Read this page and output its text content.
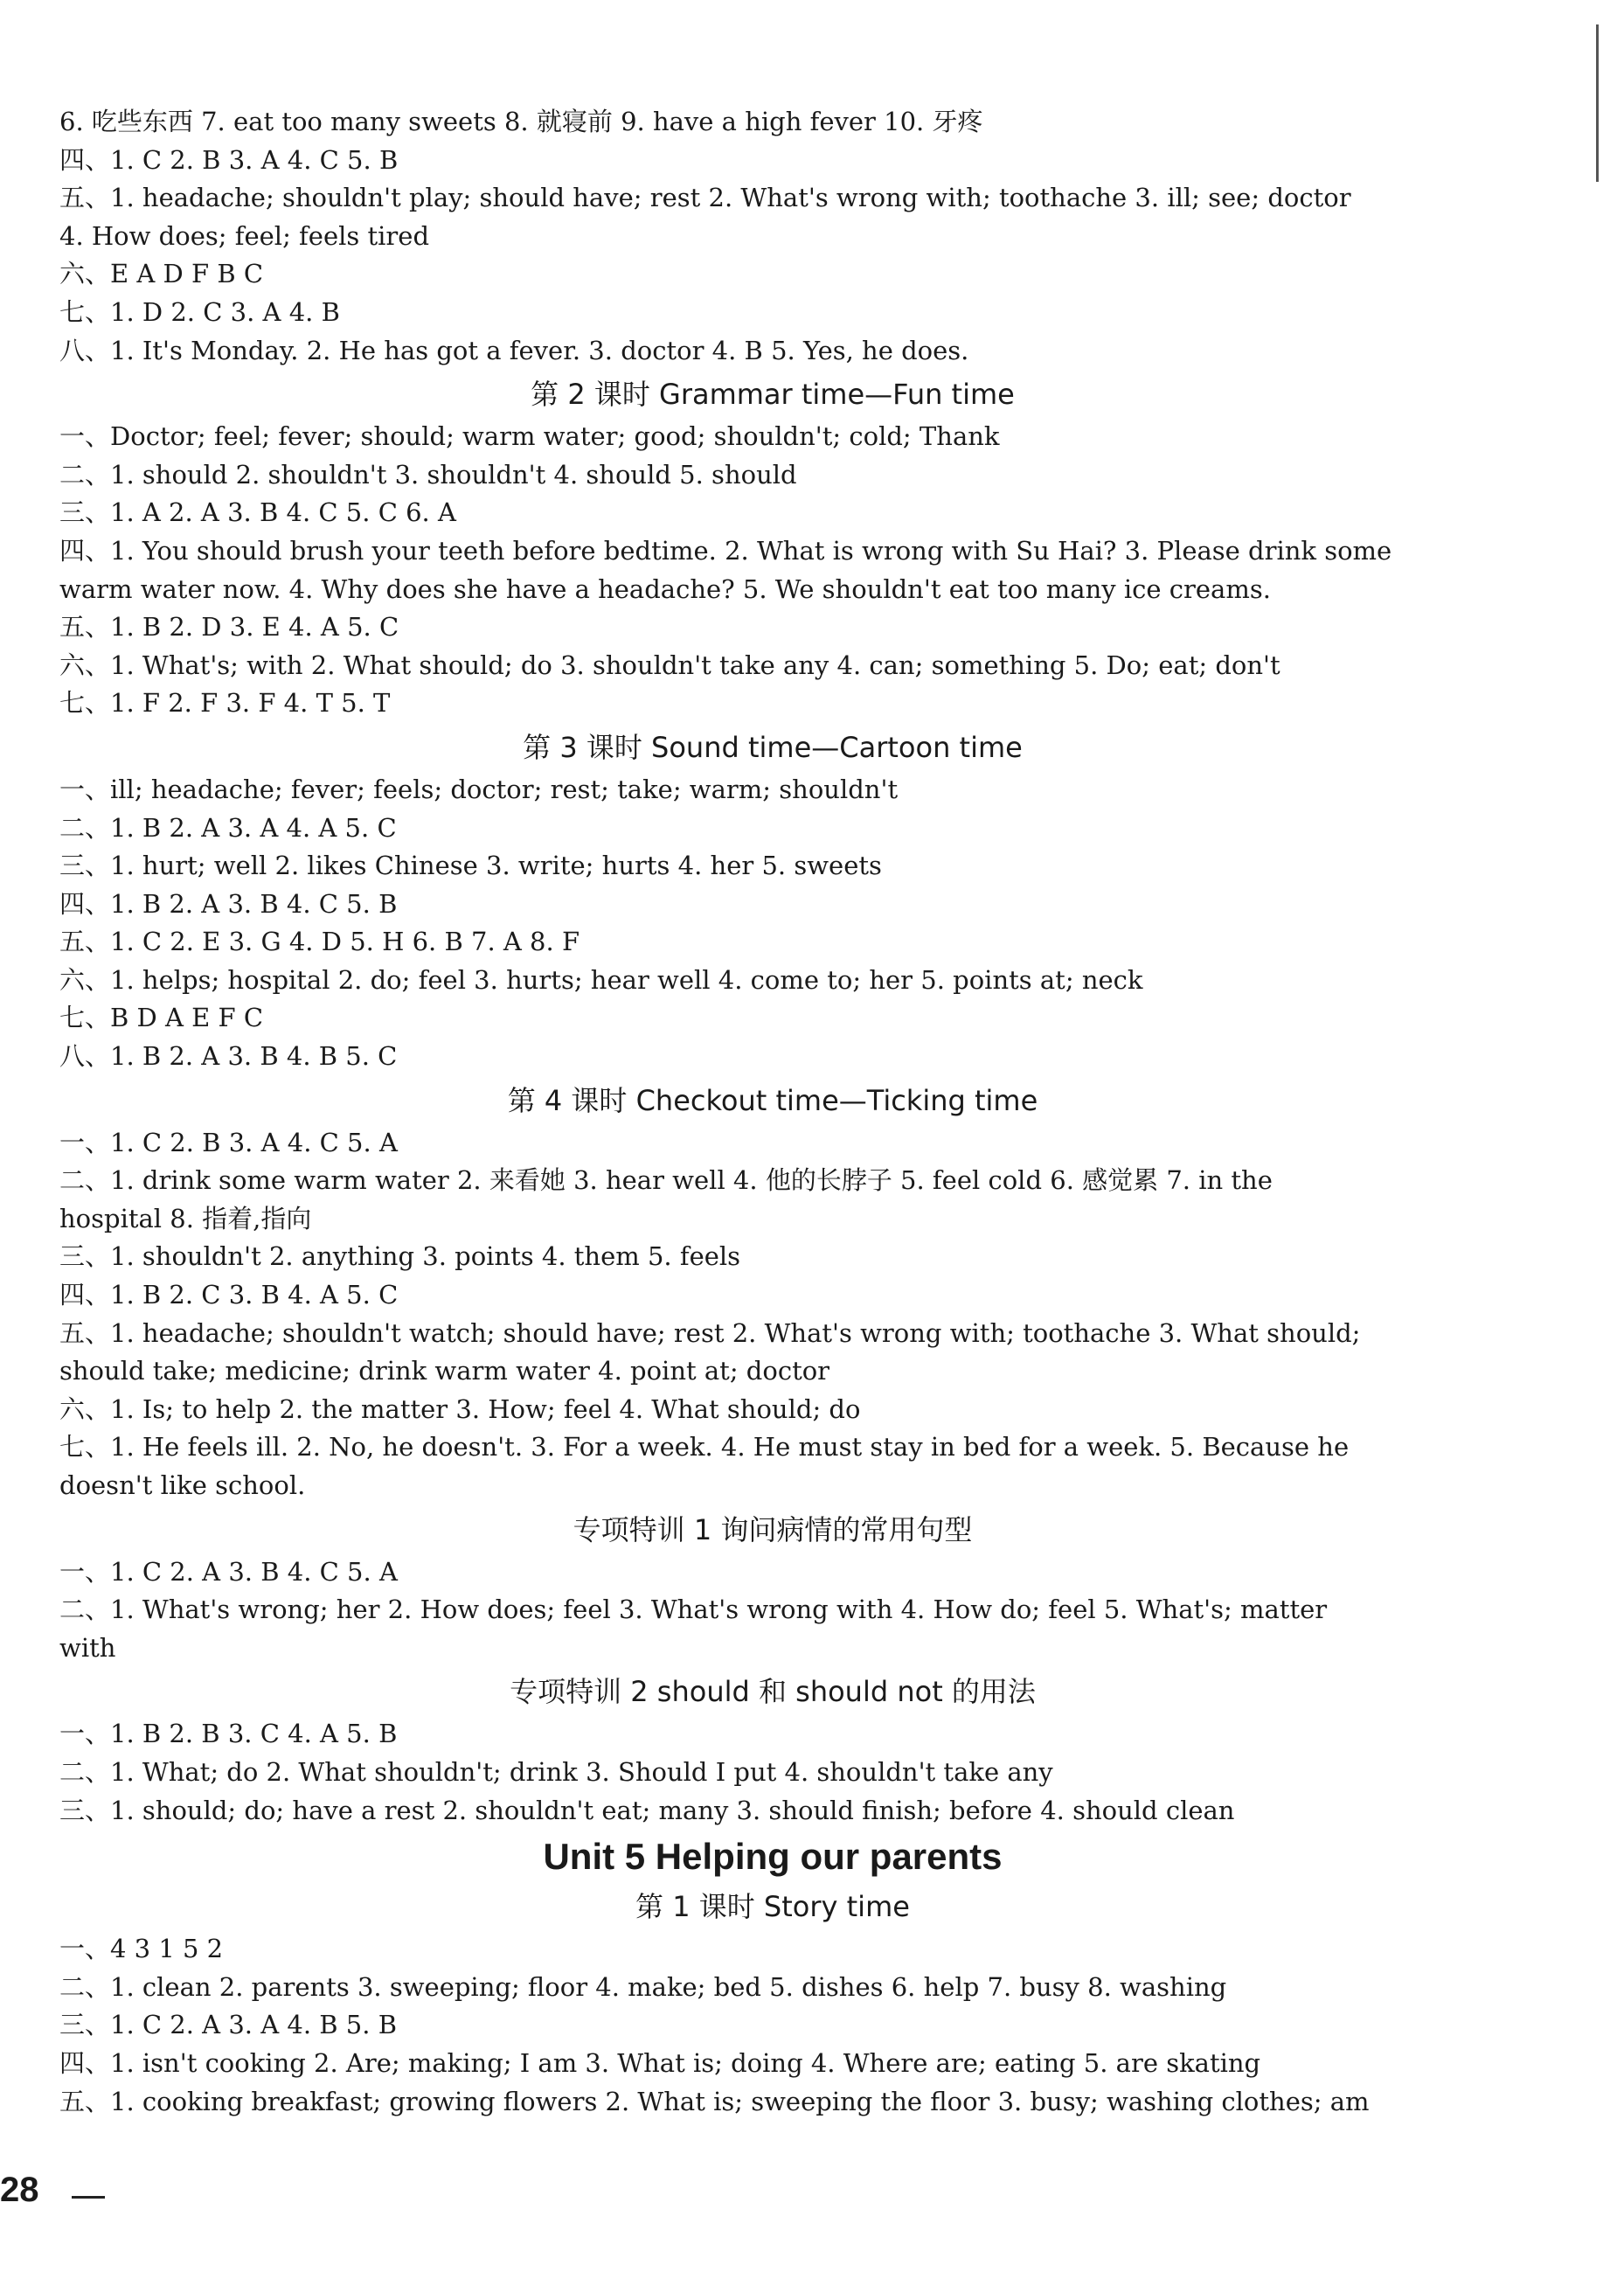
6. 吃些东西 7. eat too many sweets 8. 就寝前 9. have a high fever 10. 牙疼
四、1. C 2. B 3. A 4. C 5. B
五、1. headache; shouldn't play; should have; rest 2. What's wrong with; toothache 3. ill; see; doctor
4. How does; feel; feels tired
六、E A D F B C
七、1. D 2. C 3. A 4. B
八、1. It's Monday. 2. He has got a fever. 3. doctor 4. B 5. Yes, he does.
第 2 课时 Grammar time—Fun time
一、Doctor; feel; fever; should; warm water; good; shouldn't; cold; Thank
二、1. should 2. shouldn't 3. shouldn't 4. should 5. should
三、1. A 2. A 3. B 4. C 5. C 6. A
四、1. You should brush your teeth before bedtime. 2. What is wrong with Su Hai? 3. Please drink some
warm water now. 4. Why does she have a headache? 5. We shouldn't eat too many ice creams.
五、1. B 2. D 3. E 4. A 5. C
六、1. What's; with 2. What should; do 3. shouldn't take any 4. can; something 5. Do; eat; don't
七、1. F 2. F 3. F 4. T 5. T
第 3 课时 Sound time—Cartoon time
一、ill; headache; fever; feels; doctor; rest; take; warm; shouldn't
二、1. B 2. A 3. A 4. A 5. C
三、1. hurt; well 2. likes Chinese 3. write; hurts 4. her 5. sweets
四、1. B 2. A 3. B 4. C 5. B
五、1. C 2. E 3. G 4. D 5. H 6. B 7. A 8. F
六、1. helps; hospital 2. do; feel 3. hurts; hear well 4. come to; her 5. points at; neck
七、B D A E F C
八、1. B 2. A 3. B 4. B 5. C
第 4 课时 Checkout time—Ticking time
一、1. C 2. B 3. A 4. C 5. A
二、1. drink some warm water 2. 来看她 3. hear well 4. 他的长脖子 5. feel cold 6. 感觉累 7. in the
hospital 8. 指着,指向
三、1. shouldn't 2. anything 3. points 4. them 5. feels
四、1. B 2. C 3. B 4. A 5. C
五、1. headache; shouldn't watch; should have; rest 2. What's wrong with; toothache 3. What should;
should take; medicine; drink warm water 4. point at; doctor
六、1. Is; to help 2. the matter 3. How; feel 4. What should; do
七、1. He feels ill. 2. No, he doesn't. 3. For a week. 4. He must stay in bed for a week. 5. Because he
doesn't like school.
专项特训 1 询问病情的常用句型
一、1. C 2. A 3. B 4. C 5. A
二、1. What's wrong; her 2. How does; feel 3. What's wrong with 4. How do; feel 5. What's; matter
with
专项特训 2 should 和 should not 的用法
一、1. B 2. B 3. C 4. A 5. B
二、1. What; do 2. What shouldn't; drink 3. Should I put 4. shouldn't take any
三、1. should; do; have a rest 2. shouldn't eat; many 3. should finish; before 4. should clean
Unit 5 Helping our parents
第 1 课时 Story time
一、4 3 1 5 2
二、1. clean 2. parents 3. sweeping; floor 4. make; bed 5. dishes 6. help 7. busy 8. washing
三、1. C 2. A 3. A 4. B 5. B
四、1. isn't cooking 2. Are; making; I am 3. What is; doing 4. Where are; eating 5. are skating
五、1. cooking breakfast; growing flowers 2. What is; sweeping the floor 3. busy; washing clothes; am
28
